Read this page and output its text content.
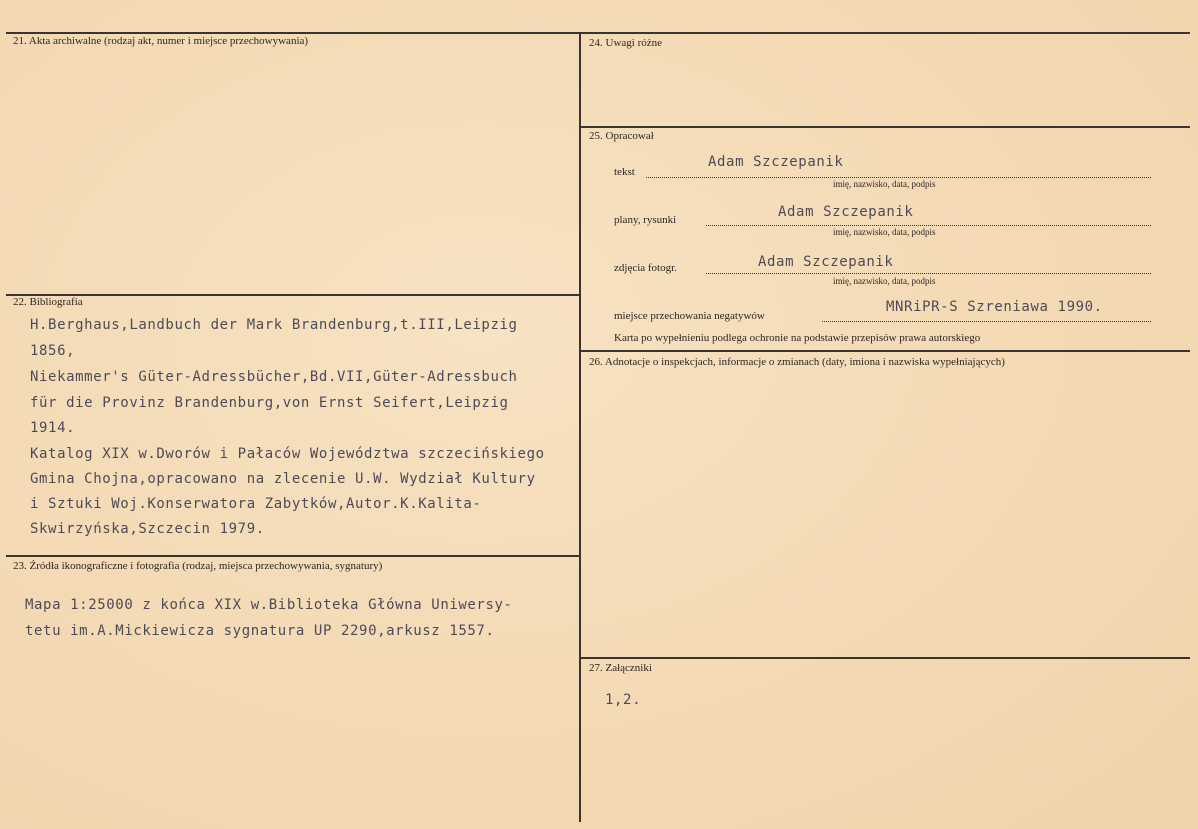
21. Akta archiwalne (rodzaj akt, numer i miejsce przechowywania)
22. Bibliografia
H.Berghaus,Landbuch der Mark Brandenburg,t.III,Leipzig
1856,
Niekammer's Güter-Adressbücher,Bd.VII,Güter-Adressbuch
für die Provinz Brandenburg,von Ernst Seifert,Leipzig
1914.
Katalog XIX w.Dworów i Pałaców Województwa szczecińskiego
Gmina Chojna,opracowano na zlecenie U.W. Wydział Kultury
i Sztuki Woj.Konserwatora Zabytków,Autor.K.Kalita-
Skwirzyńska,Szczecin 1979.
23. Źródła ikonograficzne i fotografia (rodzaj, miejsca przechowywania, sygnatury)
Mapa 1:25000 z końca XIX w.Biblioteka Główna Uniwersy-
tetu im.A.Mickiewicza sygnatura UP 2290,arkusz 1557.
24. Uwagi różne
25. Opracował
tekst
Adam Szczepanik
imię, nazwisko, data, podpis
plany, rysunki	Adam Szczepanik
imię, nazwisko, data, podpis
zdjęcia fotogr.	Adam Szczepanik
imię, nazwisko, data, podpis
miejsce przechowania negatywów
MNRiPR-S Szreniawa 1990.
Karta po wypełnieniu podlega ochronie na podstawie przepisów prawa autorskiego
26. Adnotacje o inspekcjach, informacje o zmianach (daty, imiona i nazwiska wypełniających)
27. Załączniki
1,2.
